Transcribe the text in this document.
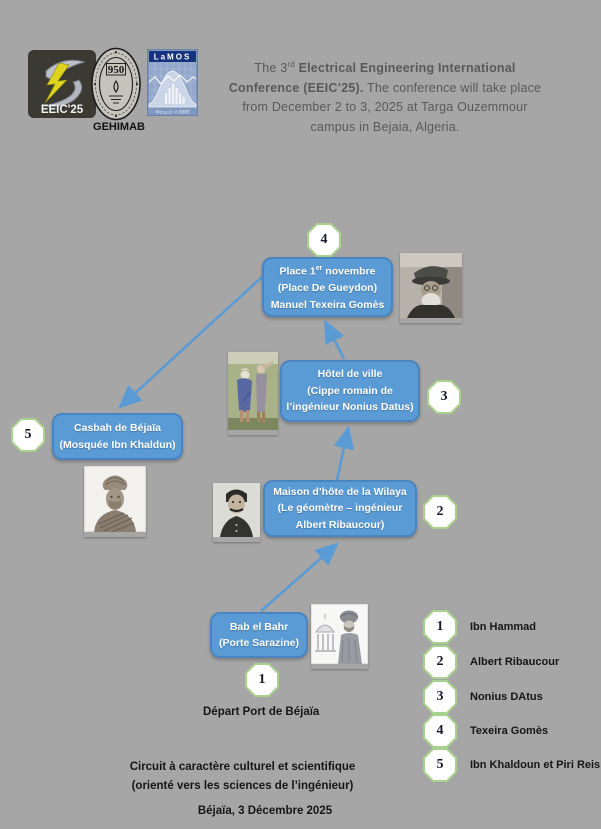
EEIC'25
950
GEHIMAB
LaMOS
W(n,x,t) ⇒ DMN
The 3rd Electrical Engineering International
Conference (EEIC’25). The conference will take place
from December 2 to 3, 2025 at Targa Ouzemmour
campus in Bejaia, Algeria.
4
Place 1er novembre
(Place De Gueydon)
Manuel Texeira Gomès
Hôtel de ville
(Cippe romain de
l’ingénieur Nonius Datus)
3
5	Casbah de Béjaïa
(Mosquée Ibn Khaldun)
Maison d’hôte de la Wilaya
(Le géomètre – ingénieur
Albert Ribaucour)
2
Bab el Bahr
(Porte Sarazine)
1
Départ Port de Béjaïa
1	Ibn Hammad
2	Albert Ribaucour
3	Nonius DAtus
4	Texeira Gomès
5	Ibn Khaldoun et Piri Reis
Circuit à caractère culturel et scientifique
(orienté vers les sciences de l’ingénieur)
Béjaïa, 3 Décembre 2025
